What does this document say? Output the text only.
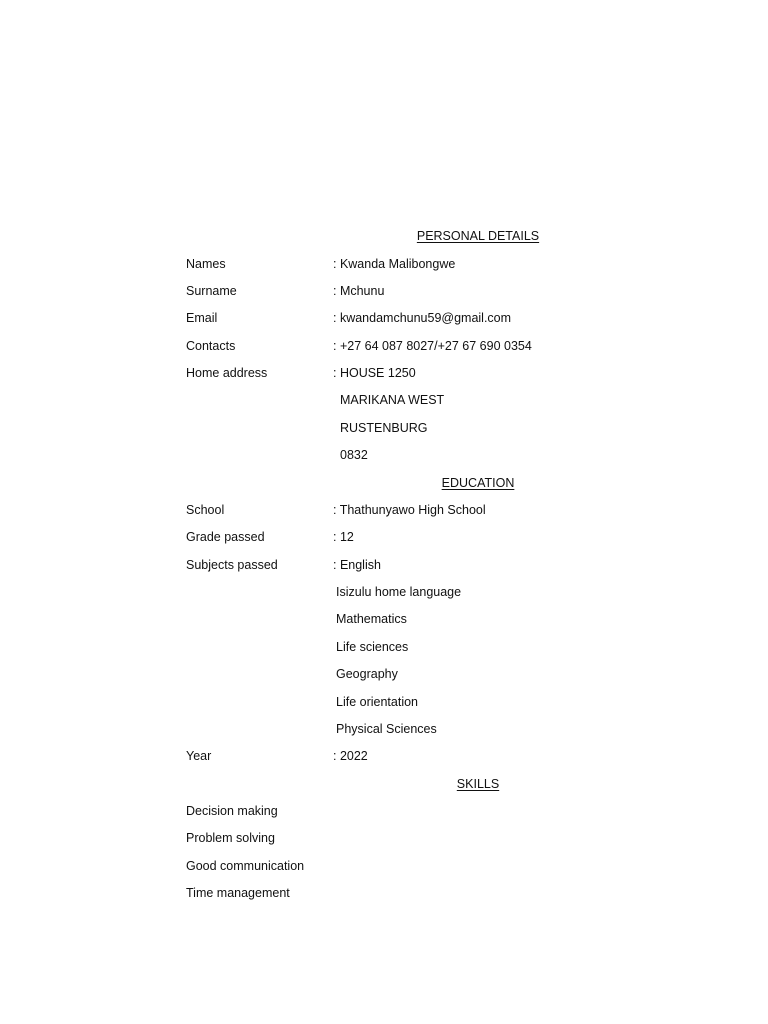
PERSONAL DETAILS
Names	: Kwanda Malibongwe
Surname	: Mchunu
Email	: kwandamchunu59@gmail.com
Contacts	: +27 64 087 8027/+27 67 690 0354
Home address	: HOUSE 1250
MARIKANA WEST
RUSTENBURG
0832
EDUCATION
School	: Thathunyawo High School
Grade passed	: 12
Subjects passed	: English
Isizulu home language
Mathematics
Life sciences
Geography
Life orientation
Physical Sciences
Year	: 2022
SKILLS
Decision making
Problem solving
Good communication
Time management
